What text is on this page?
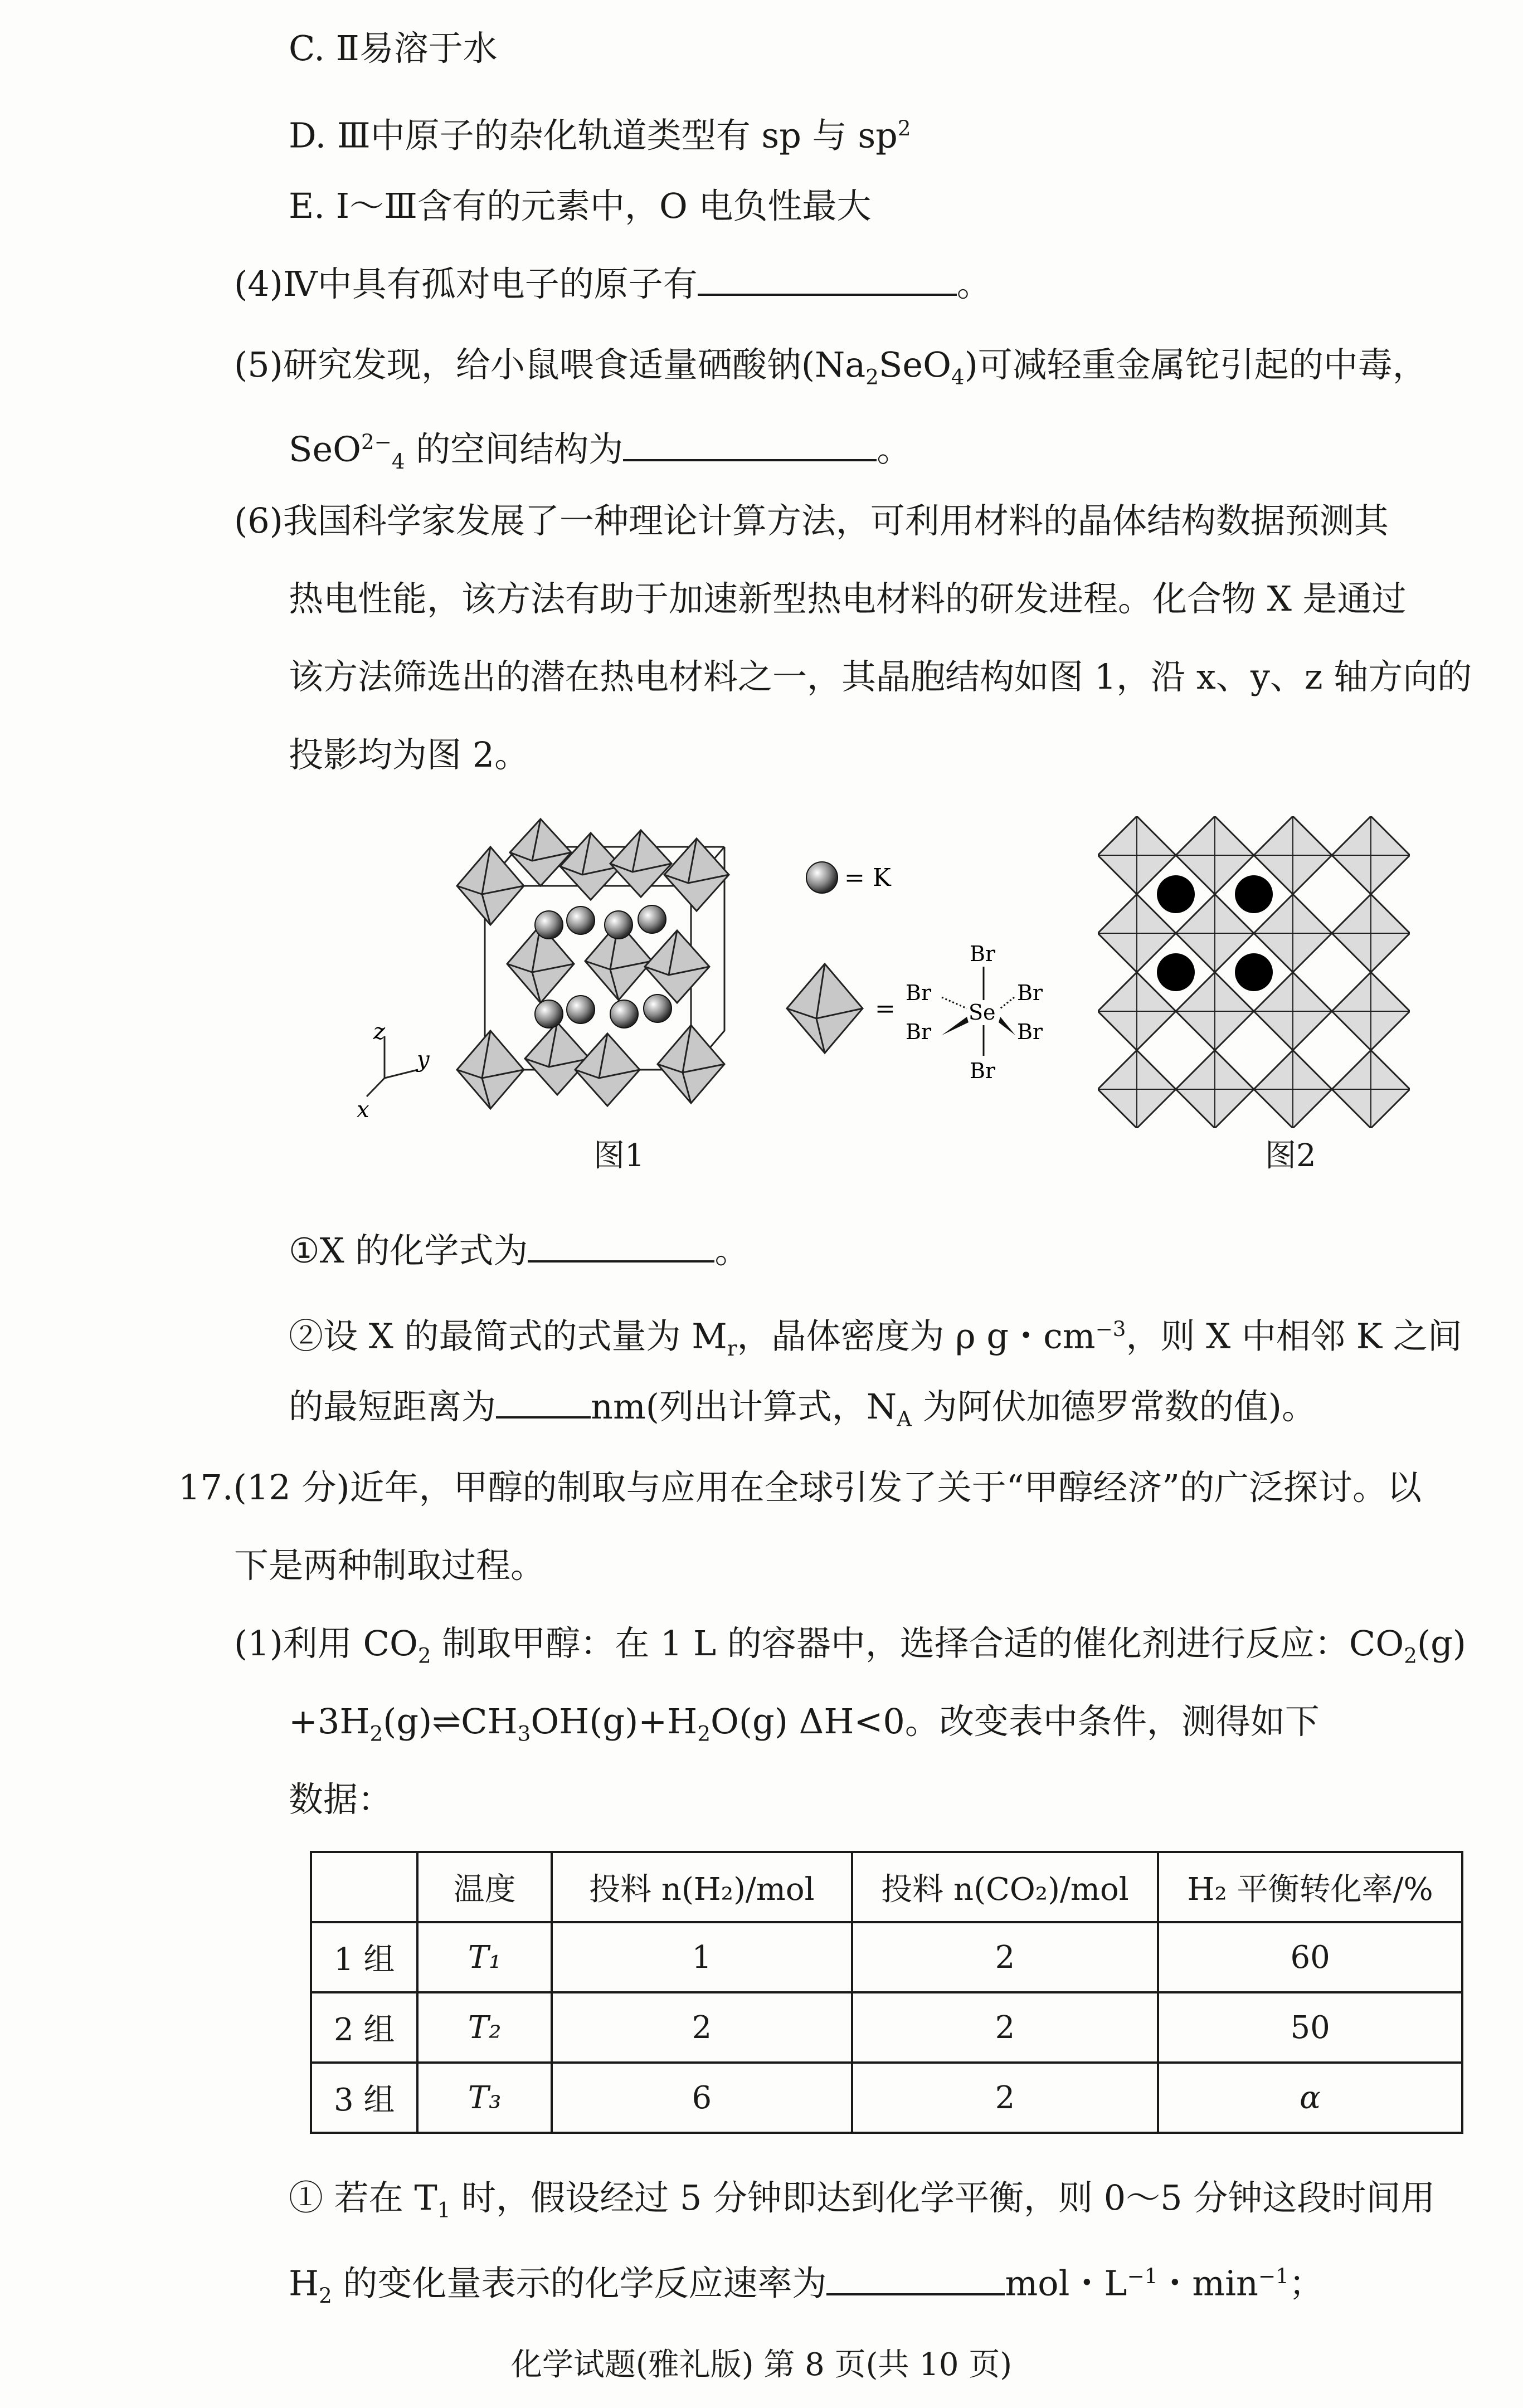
C. Ⅱ易溶于水
D. Ⅲ中原子的杂化轨道类型有 sp 与 $sp^2$
E. Ⅰ～Ⅲ含有的元素中，O 电负性最大
(4)Ⅳ中具有孤对电子的原子有	。
(5)研究发现，给小鼠喂食适量硒酸钠$(Na_2SeO_4)$可减轻重金属铊引起的中毒，
SeO$^{2-}_4$ 的空间结构为	。
(6)我国科学家发展了一种理论计算方法，可利用材料的晶体结构数据预测其
热电性能，该方法有助于加速新型热电材料的研发进程。化合物 X 是通过
该方法筛选出的潜在热电材料之一，其晶胞结构如图 1，沿 x、y、z 轴方向的
投影均为图 2。
z
y
x
= K
=
Br
Br	Br
Se
Br	Br
Br
图1	图2
①X 的化学式为	。
②设 X 的最简式的式量为 $M_r$，晶体密度为 ρ g・$cm^{-3}$，则 X 中相邻 K 之间
的最短距离为	nm(列出计算式，$N_A$ 为阿伏加德罗常数的值)。
17.(12 分)近年，甲醇的制取与应用在全球引发了关于“甲醇经济”的广泛探讨。以
下是两种制取过程。
(1)利用 $CO_2$ 制取甲醇：在 1 L 的容器中，选择合适的催化剂进行反应：$CO_2(g)$
$+3H_2(g)\rightleftharpoons CH_3OH(g)+H_2O(g)$ ΔH<0。改变表中条件，测得如下
数据：
	温度	投料 n(H₂)/mol	投料 n(CO₂)/mol	H₂ 平衡转化率/%
1 组	T₁	1	2	60
2 组	T₂	2	2	50
3 组	T₃	6	2	α
① 若在 $T_1$ 时，假设经过 5 分钟即达到化学平衡，则 0～5 分钟这段时间用
$H_2$ 的变化量表示的化学反应速率为	mol・$L^{-1}$・$\min^{-1}$；
化学试题(雅礼版) 第 8 页(共 10 页)
